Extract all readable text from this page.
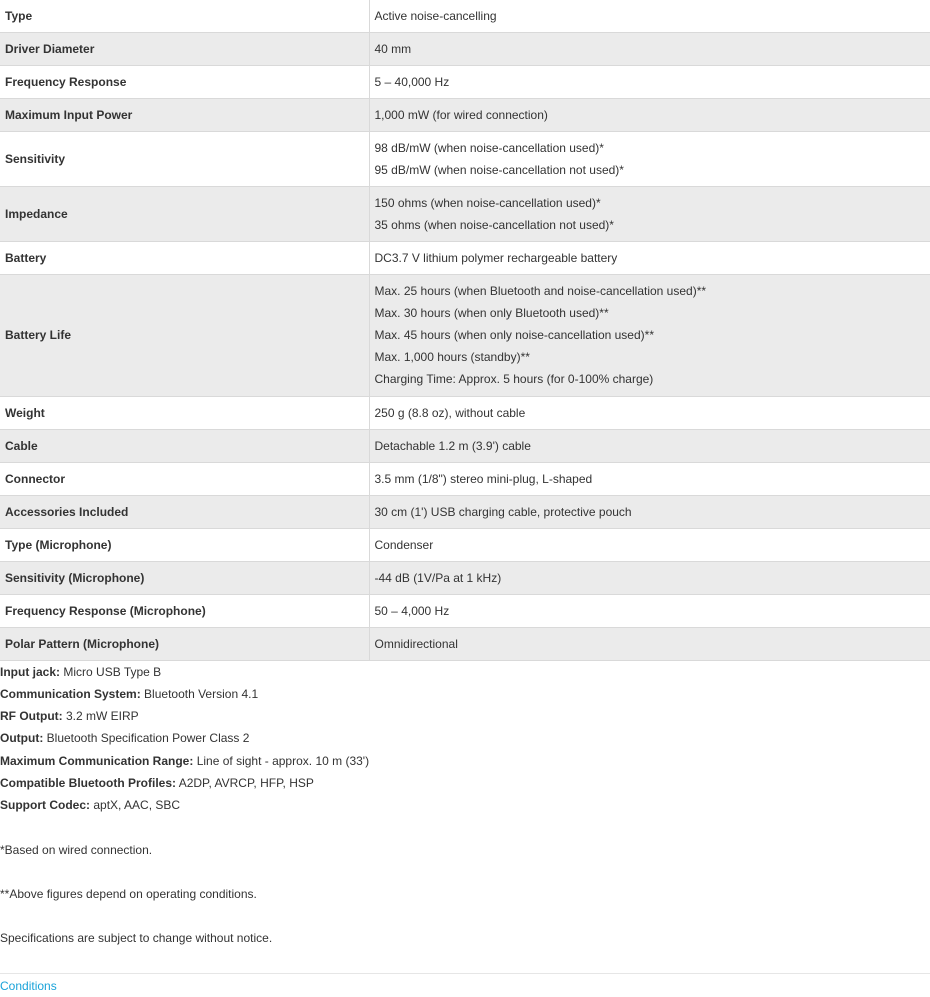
Type	Active noise-cancelling

Driver Diameter	40 mm

Frequency Response	5 – 40,000 Hz

Maximum Input Power	1,000 mW (for wired connection)

Sensitivity	98 dB/mW (when noise-cancellation used)*
95 dB/mW (when noise-cancellation not used)*

Impedance	150 ohms (when noise-cancellation used)*
35 ohms (when noise-cancellation not used)*

Battery	DC3.7 V lithium polymer rechargeable battery

Battery Life	Max. 25 hours (when Bluetooth and noise-cancellation used)**
Max. 30 hours (when only Bluetooth used)**
Max. 45 hours (when only noise-cancellation used)**
Max. 1,000 hours (standby)**
Charging Time: Approx. 5 hours (for 0-100% charge)

Weight	250 g (8.8 oz), without cable

Cable	Detachable 1.2 m (3.9') cable

Connector	3.5 mm (1/8") stereo mini-plug, L-shaped

Accessories Included	30 cm (1') USB charging cable, protective pouch

Type (Microphone)	Condenser

Sensitivity (Microphone)	-44 dB (1V/Pa at 1 kHz)

Frequency Response (Microphone)	50 – 4,000 Hz

Polar Pattern (Microphone)	Omnidirectional
Input jack: Micro USB Type B
Communication System: Bluetooth Version 4.1
RF Output: 3.2 mW EIRP
Output: Bluetooth Specification Power Class 2
Maximum Communication Range: Line of sight - approx. 10 m (33')
Compatible Bluetooth Profiles: A2DP, AVRCP, HFP, HSP
Support Codec: aptX, AAC, SBC

*Based on wired connection.

**Above figures depend on operating conditions.

Specifications are subject to change without notice.

Conditions
